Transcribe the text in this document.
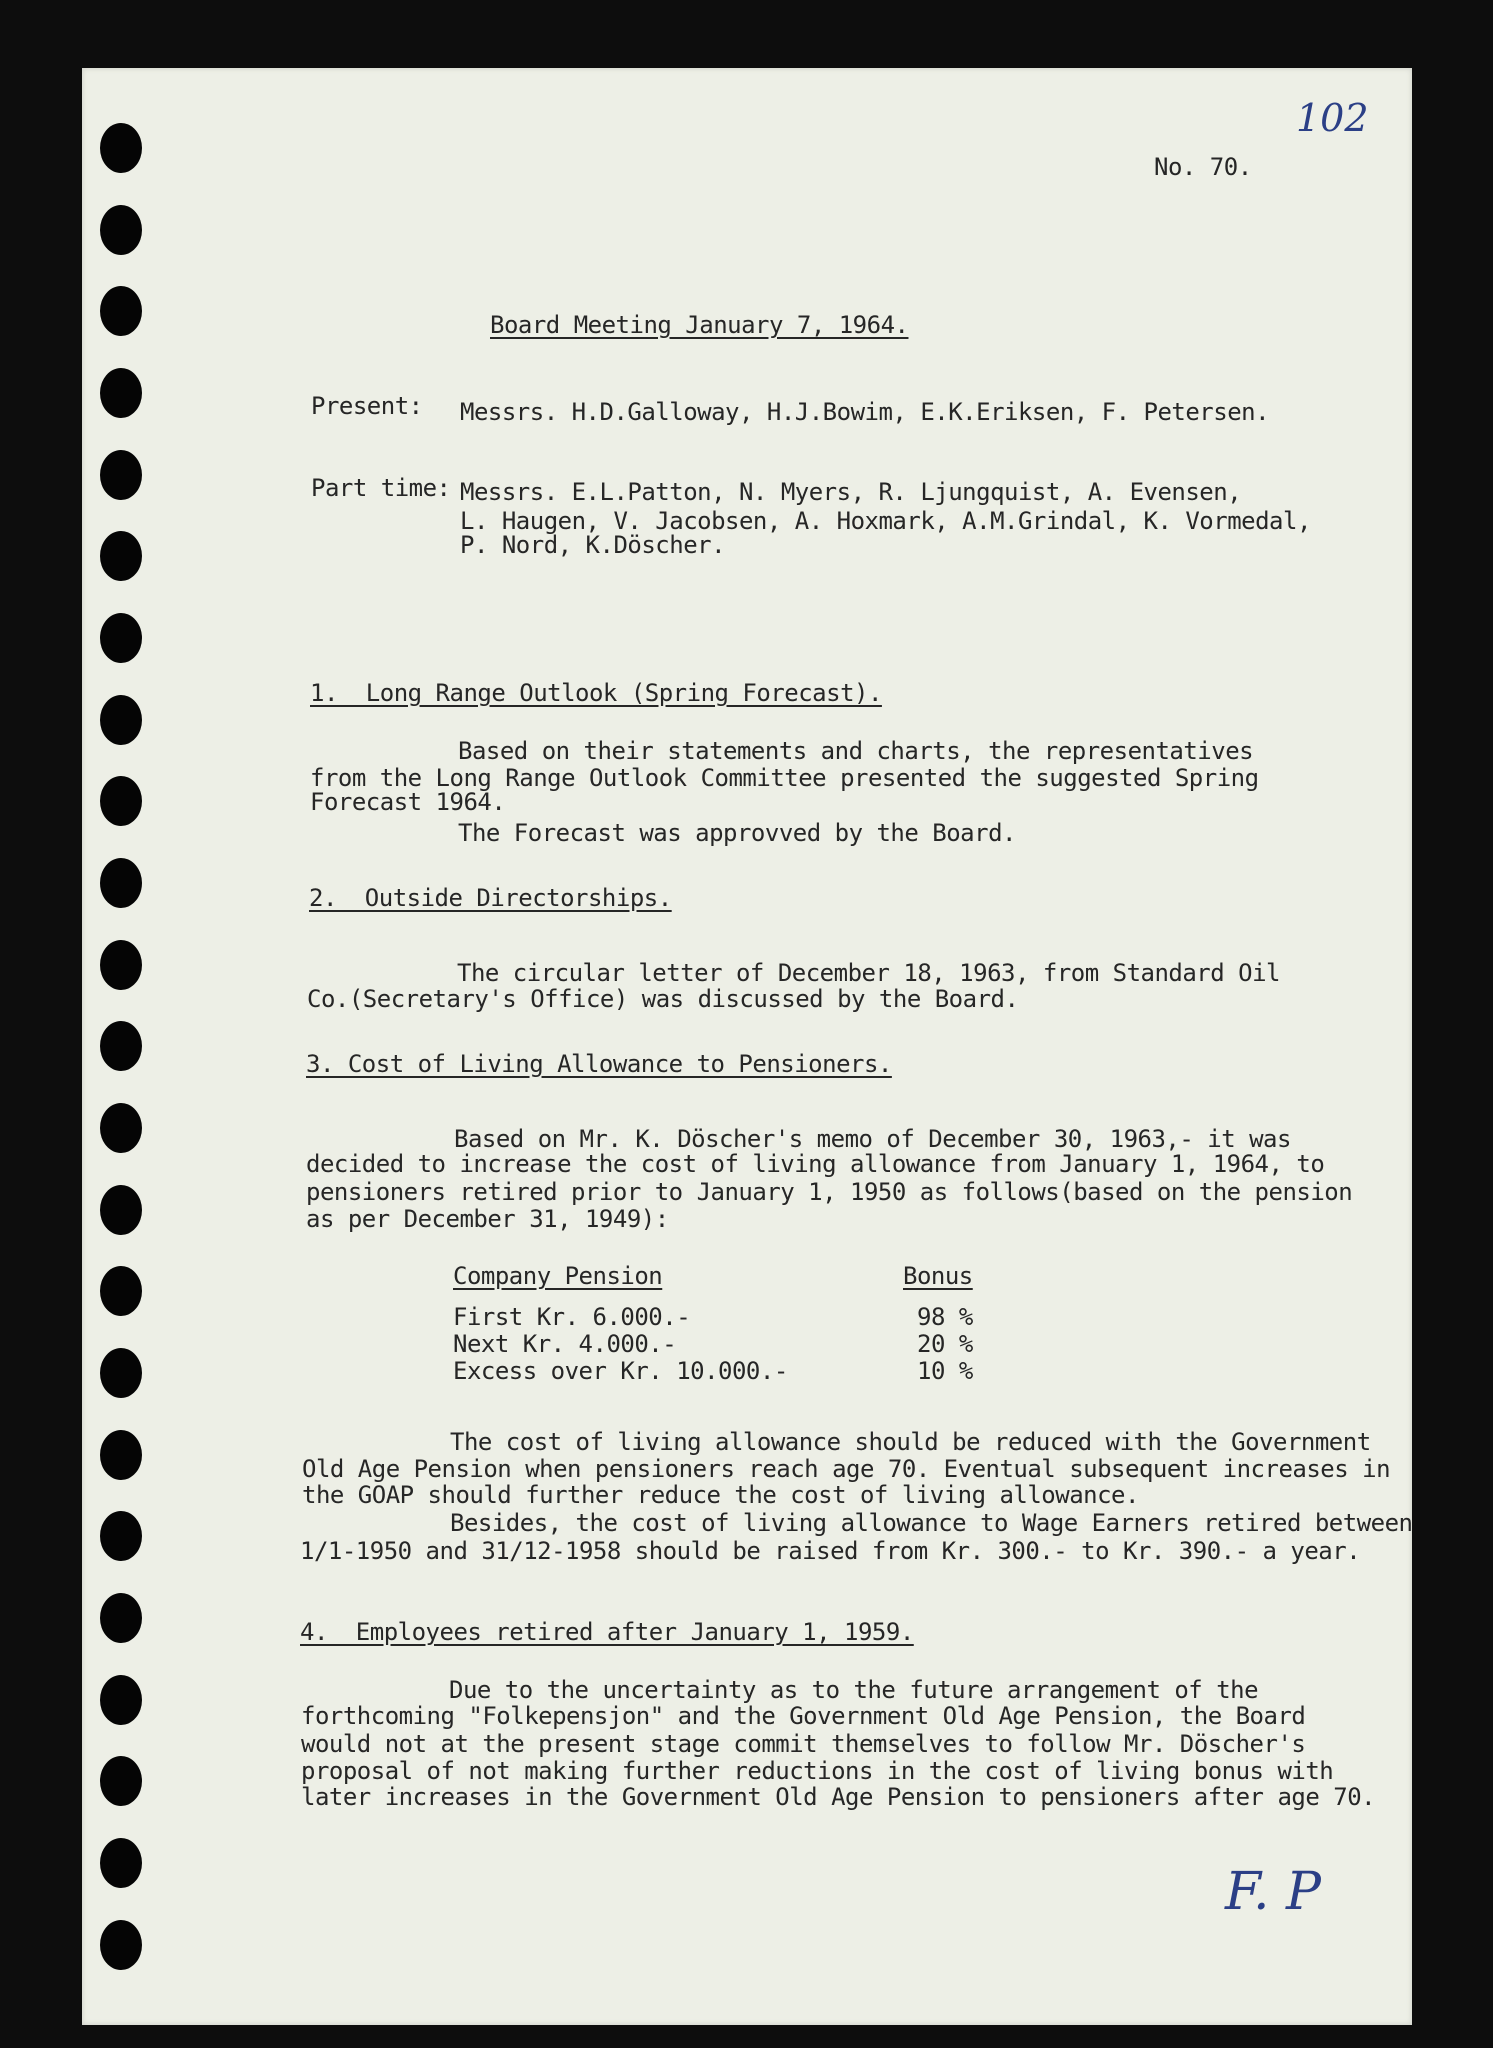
102
No. 70.
Board Meeting January 7, 1964.
Present: Messrs. H.D.Galloway, H.J.Bowim, E.K.Eriksen, F. Petersen.
Part time: Messrs. E.L.Patton, N. Myers, R. Ljungquist, A. Evensen,
L. Haugen, V. Jacobsen, A. Hoxmark, A.M.Grindal, K. Vormedal,
P. Nord, K.Döscher.
1.  Long Range Outlook (Spring Forecast).
Based on their statements and charts, the representatives
from the Long Range Outlook Committee presented the suggested Spring
Forecast 1964.
The Forecast was approvved by the Board.
2.  Outside Directorships.
The circular letter of December 18, 1963, from Standard Oil
Co.(Secretary's Office) was discussed by the Board.
3. Cost of Living Allowance to Pensioners.
Based on Mr. K. Döscher's memo of December 30, 1963,- it was
decided to increase the cost of living allowance from January 1, 1964, to
pensioners retired prior to January 1, 1950 as follows(based on the pension
as per December 31, 1949):
Company Pension	Bonus
First Kr. 6.000.-	98 %
Next Kr. 4.000.-	20 %
Excess over Kr. 10.000.-	10 %
The cost of living allowance should be reduced with the Government
Old Age Pension when pensioners reach age 70. Eventual subsequent increases in
the GOAP should further reduce the cost of living allowance.
Besides, the cost of living allowance to Wage Earners retired between
1/1-1950 and 31/12-1958 should be raised from Kr. 300.- to Kr. 390.- a year.
4.  Employees retired after January 1, 1959.
Due to the uncertainty as to the future arrangement of the
forthcoming "Folkepensjon" and the Government Old Age Pension, the Board
would not at the present stage commit themselves to follow Mr. Döscher's
proposal of not making further reductions in the cost of living bonus with
later increases in the Government Old Age Pension to pensioners after age 70.
F. P
